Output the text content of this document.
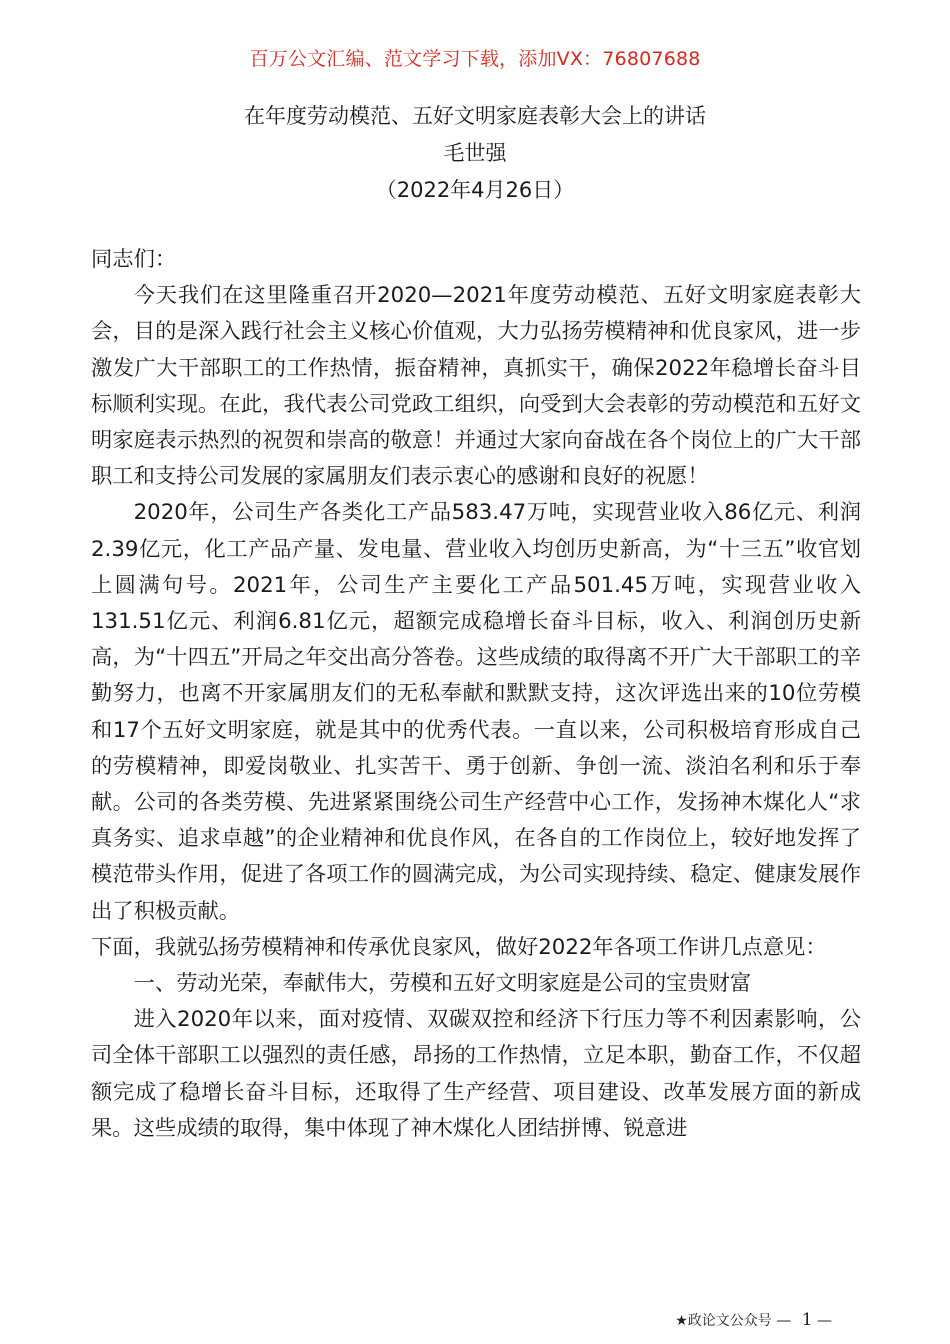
百万公文汇编、范文学习下载，添加VX：76807688
在年度劳动模范、五好文明家庭表彰大会上的讲话
毛世强
（2022年4月26日）

同志们：

今天我们在这里隆重召开2020—2021年度劳动模范、五好文明家庭表彰大会，目的是深入践行社会主义核心价值观，大力弘扬劳模精神和优良家风，进一步激发广大干部职工的工作热情，振奋精神，真抓实干，确保2022年稳增长奋斗目标顺利实现。在此，我代表公司党政工组织，向受到大会表彰的劳动模范和五好文明家庭表示热烈的祝贺和崇高的敬意！并通过大家向奋战在各个岗位上的广大干部职工和支持公司发展的家属朋友们表示衷心的感谢和良好的祝愿！

2020年，公司生产各类化工产品583.47万吨，实现营业收入86亿元、利润2.39亿元，化工产品产量、发电量、营业收入均创历史新高，为“十三五”收官划上圆满句号。2021年，公司生产主要化工产品501.45万吨，实现营业收入131.51亿元、利润6.81亿元，超额完成稳增长奋斗目标，收入、利润创历史新高，为“十四五”开局之年交出高分答卷。这些成绩的取得离不开广大干部职工的辛勤努力，也离不开家属朋友们的无私奉献和默默支持，这次评选出来的10位劳模和17个五好文明家庭，就是其中的优秀代表。一直以来，公司积极培育形成自己的劳模精神，即爱岗敬业、扎实苦干、勇于创新、争创一流、淡泊名利和乐于奉献。公司的各类劳模、先进紧紧围绕公司生产经营中心工作，发扬神木煤化人“求真务实、追求卓越”的企业精神和优良作风，在各自的工作岗位上，较好地发挥了模范带头作用，促进了各项工作的圆满完成，为公司实现持续、稳定、健康发展作出了积极贡献。

下面，我就弘扬劳模精神和传承优良家风，做好2022年各项工作讲几点意见：

一、劳动光荣，奉献伟大，劳模和五好文明家庭是公司的宝贵财富

进入2020年以来，面对疫情、双碳双控和经济下行压力等不利因素影响，公司全体干部职工以强烈的责任感，昂扬的工作热情，立足本职，勤奋工作，不仅超额完成了稳增长奋斗目标，还取得了生产经营、项目建设、改革发展方面的新成果。这些成绩的取得，集中体现了神木煤化人团结拼博、锐意进

★政论文公众号 — 1 —
